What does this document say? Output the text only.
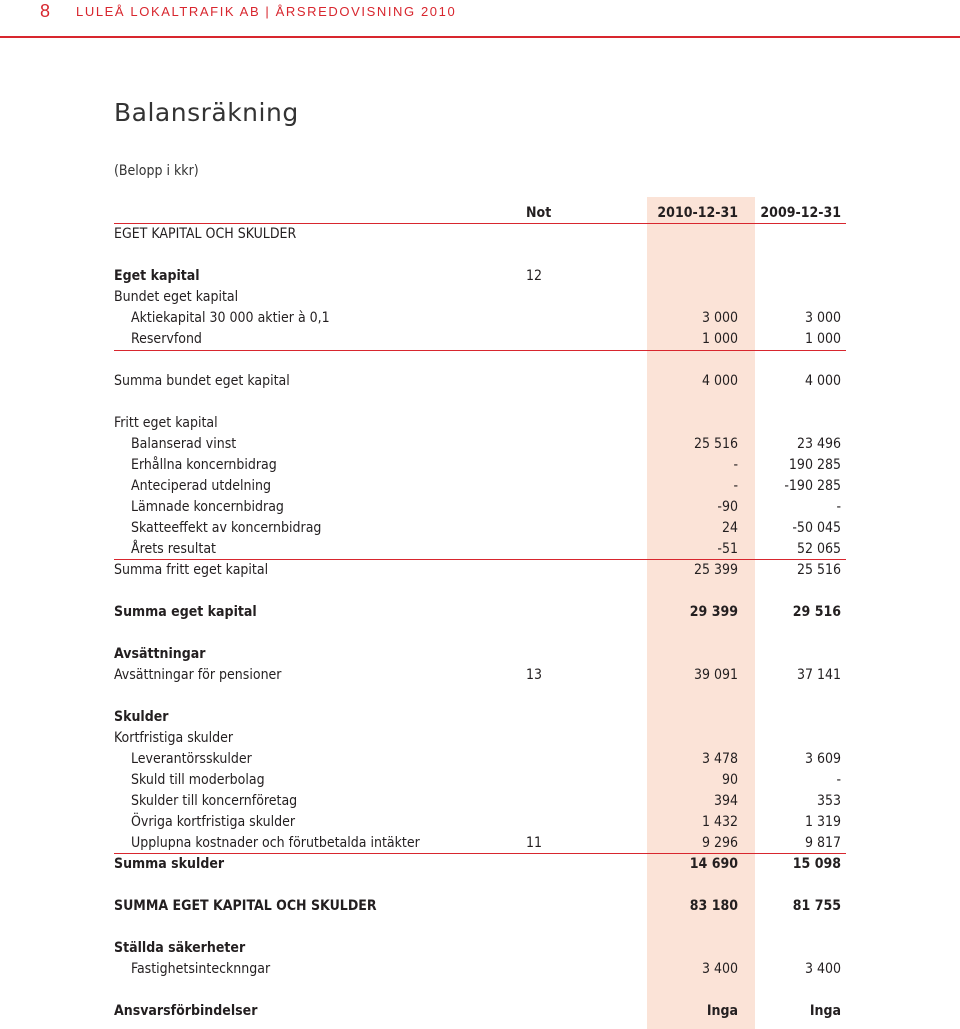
8 LULEÅ LOKALTRAFIK AB | ÅRSREDOVISNING 2010
Balansräkning
(Belopp i kkr)
Not	2010-12-31 2009-12-31
EGET KAPITAL OCH SKULDER
Eget kapital	12
Bundet eget kapital
Aktiekapital 30 000 aktier à 0,1	3 000	3 000
Reservfond	1 000	1 000
Summa bundet eget kapital	4 000	4 000
Fritt eget kapital
Balanserad vinst	25 516	23 496
Erhållna koncernbidrag	-	190 285
Anteciperad utdelning	-	-190 285
Lämnade koncernbidrag	-90	-
Skatteeffekt av koncernbidrag	24	-50 045
Årets resultat	-51	52 065
Summa fritt eget kapital	25 399	25 516
Summa eget kapital	29 399	29 516
Avsättningar
Avsättningar för pensioner	13	39 091	37 141
Skulder
Kortfristiga skulder
Leverantörsskulder	3 478	3 609
Skuld till moderbolag	90	-
Skulder till koncernföretag	394	353
Övriga kortfristiga skulder	1 432	1 319
Upplupna kostnader och förutbetalda intäkter	11	9 296	9 817
Summa skulder	14 690	15 098
SUMMA EGET KAPITAL OCH SKULDER	83 180	81 755
Ställda säkerheter
Fastighetsintecknngar	3 400	3 400
Ansvarsförbindelser	Inga	Inga
